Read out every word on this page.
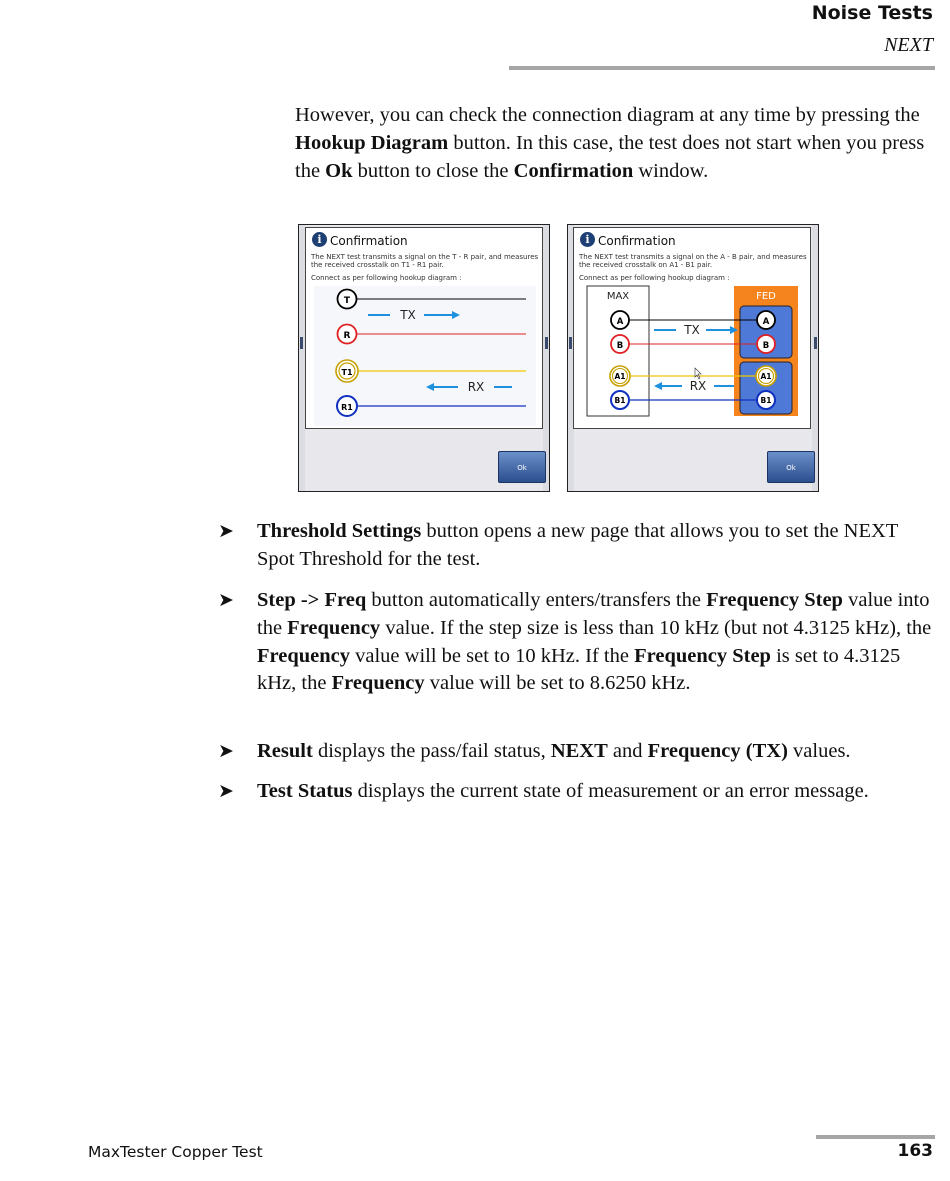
Noise Tests
NEXT

However, you can check the connection diagram at any time by pressing the Hookup Diagram button. In this case, the test does not start when you press the Ok button to close the Confirmation window.

i Confirmation
The NEXT test transmits a signal on the T - R pair, and measures the received crosstalk on T1 - R1 pair.
Connect as per following hookup diagram :
T
TX
R
T1
RX
R1
Ok
i Confirmation
The NEXT test transmits a signal on the A - B pair, and measures the received crosstalk on A1 - B1 pair.
Connect as per following hookup diagram :
MAX	FED
TX
RX
A
B
A1
B1
A
B
A1
B1
Ok
➤ Threshold Settings button opens a new page that allows you to set the NEXT Spot Threshold for the test.

➤ Step -> Freq button automatically enters/transfers the Frequency Step value into the Frequency value. If the step size is less than 10 kHz (but not 4.3125 kHz), the Frequency value will be set to 10 kHz. If the Frequency Step is set to 4.3125 kHz, the Frequency value will be set to 8.6250 kHz.

➤ Result displays the pass/fail status, NEXT and Frequency (TX) values.

➤ Test Status displays the current state of measurement or an error message.

MaxTester Copper Test	163
